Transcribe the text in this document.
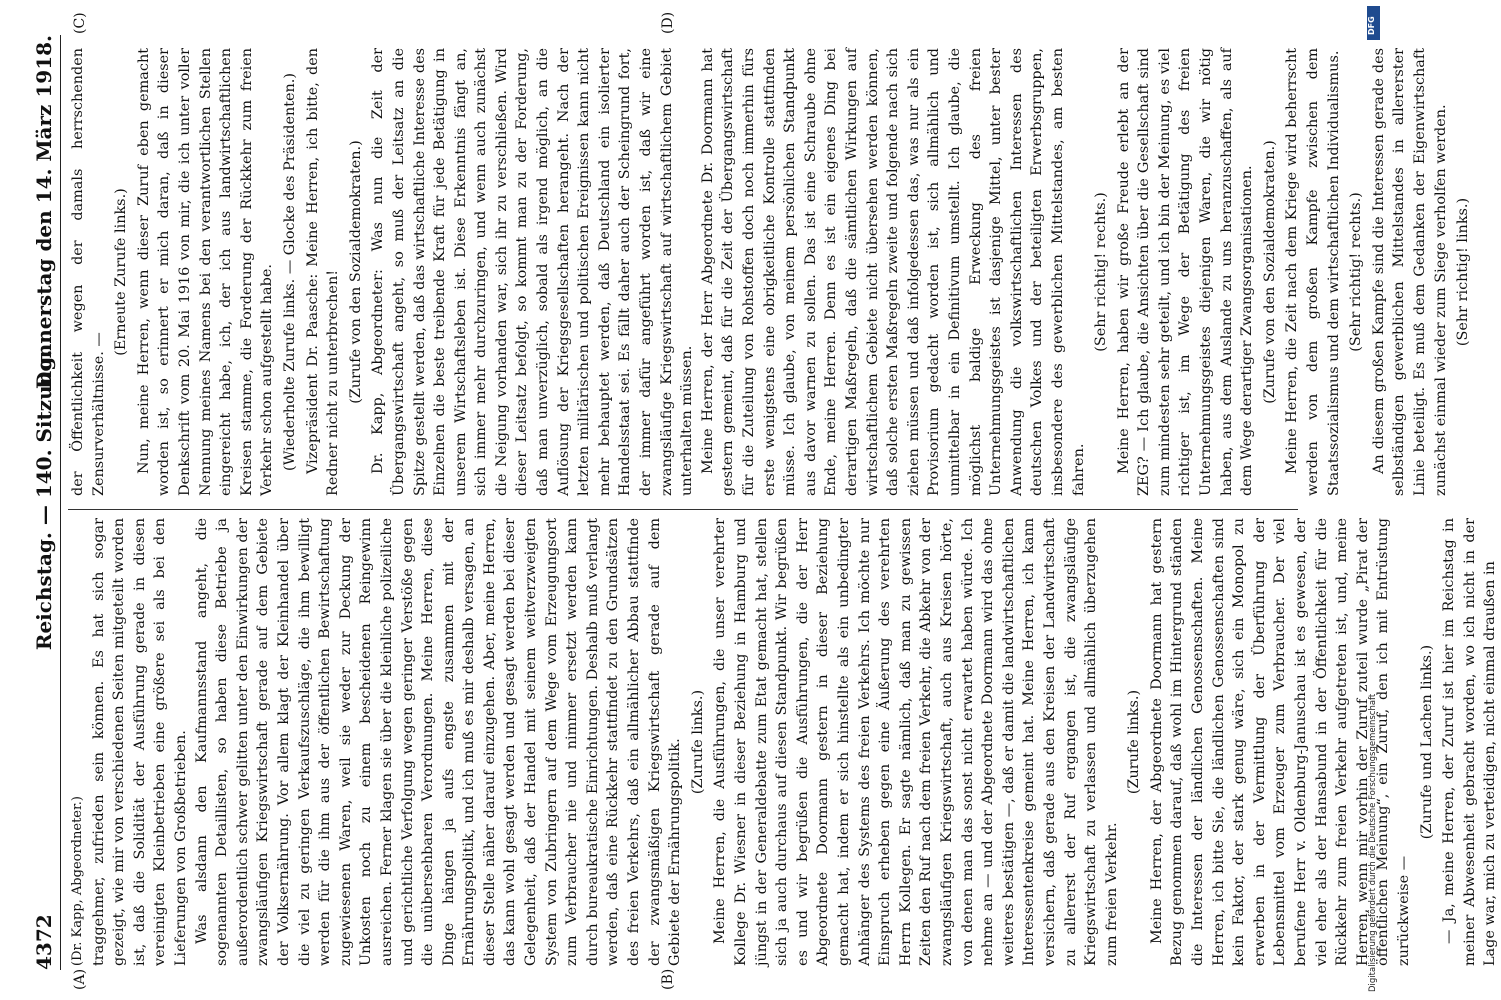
4372
Reichstag. — 140. Sitzung.
Donnerstag den 14. März 1918.
(A)	(B)
(C)	(D)

(Dr. Kapp, Abgeordneter.) traggehmer, zufrieden sein können. Es hat sich sogar gezeigt, wie mir von verschiedenen Seiten mitgeteilt worden ist, daß die Solidität der Ausführung gerade in diesen vereinigten Kleinbetrieben eine größere sei als bei den Lieferungen von Großbetrieben. Was alsdann den Kaufmannsstand angeht, die sogenannten Detaillisten, so haben diese Betriebe ja außerordentlich schwer gelitten unter den Einwirkungen der zwangsläufigen Kriegswirtschaft gerade auf dem Gebiete der Volksernährung. Vor allem klagt der Kleinhandel über die viel zu geringen Verkaufszuschläge, die ihm bewilligt werden für die ihm aus der öffentlichen Bewirtschaftung zugewiesenen Waren, weil sie weder zur Deckung der Unkosten noch zu einem bescheidenen Reingewinn ausreichen. Ferner klagen sie über die kleinliche polizeiliche und gerichtliche Verfolgung wegen geringer Verstöße gegen die unübersehbaren Verordnungen. Meine Herren, diese Dinge hängen ja aufs engste zusammen mit der Ernährungspolitik, und ich muß es mir deshalb versagen, an dieser Stelle näher darauf einzugehen. Aber, meine Herren, das kann wohl gesagt werden und gesagt werden bei dieser Gelegenheit, daß der Handel mit seinem weitverzweigten System von Zubringern auf dem Wege vom Erzeugungsort zum Verbraucher nie und nimmer ersetzt werden kann durch bureaukratische Einrichtungen. Deshalb muß verlangt werden, daß eine Rückkehr stattfindet zu den Grundsätzen des freien Verkehrs, daß ein allmählicher Abbau stattfinde der zwangsmäßigen Kriegswirtschaft gerade auf dem Gebiete der Ernährungspolitik. (Zurufe links.) Meine Herren, die Ausführungen, die unser verehrter Kollege Dr. Wiesner in dieser Beziehung in Hamburg und jüngst in der Generaldebatte zum Etat gemacht hat, stellen sich ja auch durchaus auf diesen Standpunkt. Wir begrüßen es und wir begrüßen die Ausführungen, die der Herr Abgeordnete Doormann gestern in dieser Beziehung gemacht hat, indem er sich hinstellte als ein unbedingter Anhänger des Systems des freien Verkehrs. Ich möchte nur Einspruch erheben gegen eine Äußerung des verehrten Herrn Kollegen. Er sagte nämlich, daß man zu gewissen Zeiten den Ruf nach dem freien Verkehr, die Abkehr von der zwangsläufigen Kriegswirtschaft, auch aus Kreisen hörte, von denen man das sonst nicht erwartet haben würde. Ich nehme an — und der Abgeordnete Doormann wird das ohne weiteres bestätigen —, daß er damit die landwirtschaftlichen Interessentenkreise gemeint hat. Meine Herren, ich kann versichern, daß gerade aus den Kreisen der Landwirtschaft zu allererst der Ruf ergangen ist, die zwangsläufige Kriegswirtschaft zu verlassen und allmählich überzugehen zum freien Verkehr.

(Zurufe links.) Meine Herren, der Abgeordnete Doormann hat gestern Bezug genommen darauf, daß wohl im Hintergrund ständen die Interessen der ländlichen Genossenschaften. Meine Herren, ich bitte Sie, die ländlichen Genossenschaften sind kein Faktor, der stark genug wäre, sich ein Monopol zu erwerben in der Vermittlung der Überführung der Lebensmittel vom Erzeuger zum Verbraucher. Der viel berufene Herr v. Oldenburg-Januschau ist es gewesen, der viel eher als der Hansabund in der Öffentlichkeit für die Rückkehr zum freien Verkehr aufgetreten ist, und, meine Herren, wenn mir vorhin der Zuruf zuteil wurde „Pirat der öffentlichen Meinung“, ein Zuruf, den ich mit Entrüstung zurückweise —

(Zurufe und Lachen links.) — Ja, meine Herren, der Zuruf ist hier im Reichstag in meiner Abwesenheit gebracht worden, wo ich nicht in der Lage war, mich zu verteidigen, nicht einmal draußen in

der Öffentlichkeit wegen der damals herrschenden Zensurverhältnisse. —

(Erneute Zurufe links.) Nun, meine Herren, wenn dieser Zuruf eben gemacht worden ist, so erinnert er mich daran, daß in dieser Denkschrift vom 20. Mai 1916 von mir, die ich unter voller Nennung meines Namens bei den verantwortlichen Stellen eingereicht habe, ich, der ich aus landwirtschaftlichen Kreisen stamme, die Forderung der Rückkehr zum freien Verkehr schon aufgestellt habe. (Wiederholte Zurufe links. — Glocke des Präsidenten.) Vizepräsident Dr. Paasche: Meine Herren, ich bitte, den Redner nicht zu unterbrechen! (Zurufe von den Sozialdemokraten.) Dr. Kapp, Abgeordneter: Was nun die Zeit der Übergangswirtschaft angeht, so muß der Leitsatz an die Spitze gestellt werden, daß das wirtschaftliche Interesse des Einzelnen die beste treibende Kraft für jede Betätigung in unserem Wirtschaftsleben ist. Diese Erkenntnis fängt an, sich immer mehr durchzuringen, und wenn auch zunächst die Neigung vorhanden war, sich ihr zu verschließen. Wird dieser Leitsatz befolgt, so kommt man zu der Forderung, daß man unverzüglich, sobald als irgend möglich, an die Auflösung der Kriegsgesellschaften herangeht. Nach der letzten militärischen und politischen Ereignissen kann nicht mehr behauptet werden, daß Deutschland ein isolierter Handelsstaat sei. Es fällt daher auch der Scheingrund fort, der immer dafür angeführt worden ist, daß wir eine zwangsläufige Kriegswirtschaft auf wirtschaftlichem Gebiet unterhalten müssen. Meine Herren, der Herr Abgeordnete Dr. Doormann hat gestern gemeint, daß für die Zeit der Übergangswirtschaft für die Zuteilung von Rohstoffen doch noch immerhin fürs erste wenigstens eine obrigkeitliche Kontrolle stattfinden müsse. Ich glaube, von meinem persönlichen Standpunkt aus davor warnen zu sollen. Das ist eine Schraube ohne Ende, meine Herren. Denn es ist ein eigenes Ding bei derartigen Maßregeln, daß die sämtlichen Wirkungen auf wirtschaftlichem Gebiete nicht übersehen werden können, daß solche ersten Maßregeln zweite und folgende nach sich ziehen müssen und daß infolgedessen das, was nur als ein Provisorium gedacht worden ist, sich allmählich und unmittelbar in ein Definitivum umstellt. Ich glaube, die möglichst baldige Erweckung des freien Unternehmungsgeistes ist dasjenige Mittel, unter bester Anwendung die volkswirtschaftlichen Interessen des deutschen Volkes und der beteiligten Erwerbsgruppen, insbesondere des gewerblichen Mittelstandes, am besten fahren.

(Sehr richtig! rechts.) Meine Herren, haben wir große Freude erlebt an der ZEG? — Ich glaube, die Ansichten über die Gesellschaft sind zum mindesten sehr geteilt, und ich bin der Meinung, es viel richtiger ist, im Wege der Betätigung des freien Unternehmungsgeistes diejenigen Waren, die wir nötig haben, aus dem Auslande zu uns heranzuschaffen, als auf dem Wege derartiger Zwangsorganisationen. (Zurufe von den Sozialdemokraten.) Meine Herren, die Zeit nach dem Kriege wird beherrscht werden von dem großen Kampfe zwischen dem Staatssozialismus und dem wirtschaftlichen Individualismus. (Sehr richtig! rechts.) An diesem großen Kampfe sind die Interessen gerade des selbständigen gewerblichen Mittelstandes in allererster Linie beteiligt. Es muß dem Gedanken der Eigenwirtschaft zunächst einmal wieder zum Siege verholfen werden. (Sehr richtig! links.)

Digitalisierung gefördert durch die Deutsche Forschungsgemeinschaft
DFG
